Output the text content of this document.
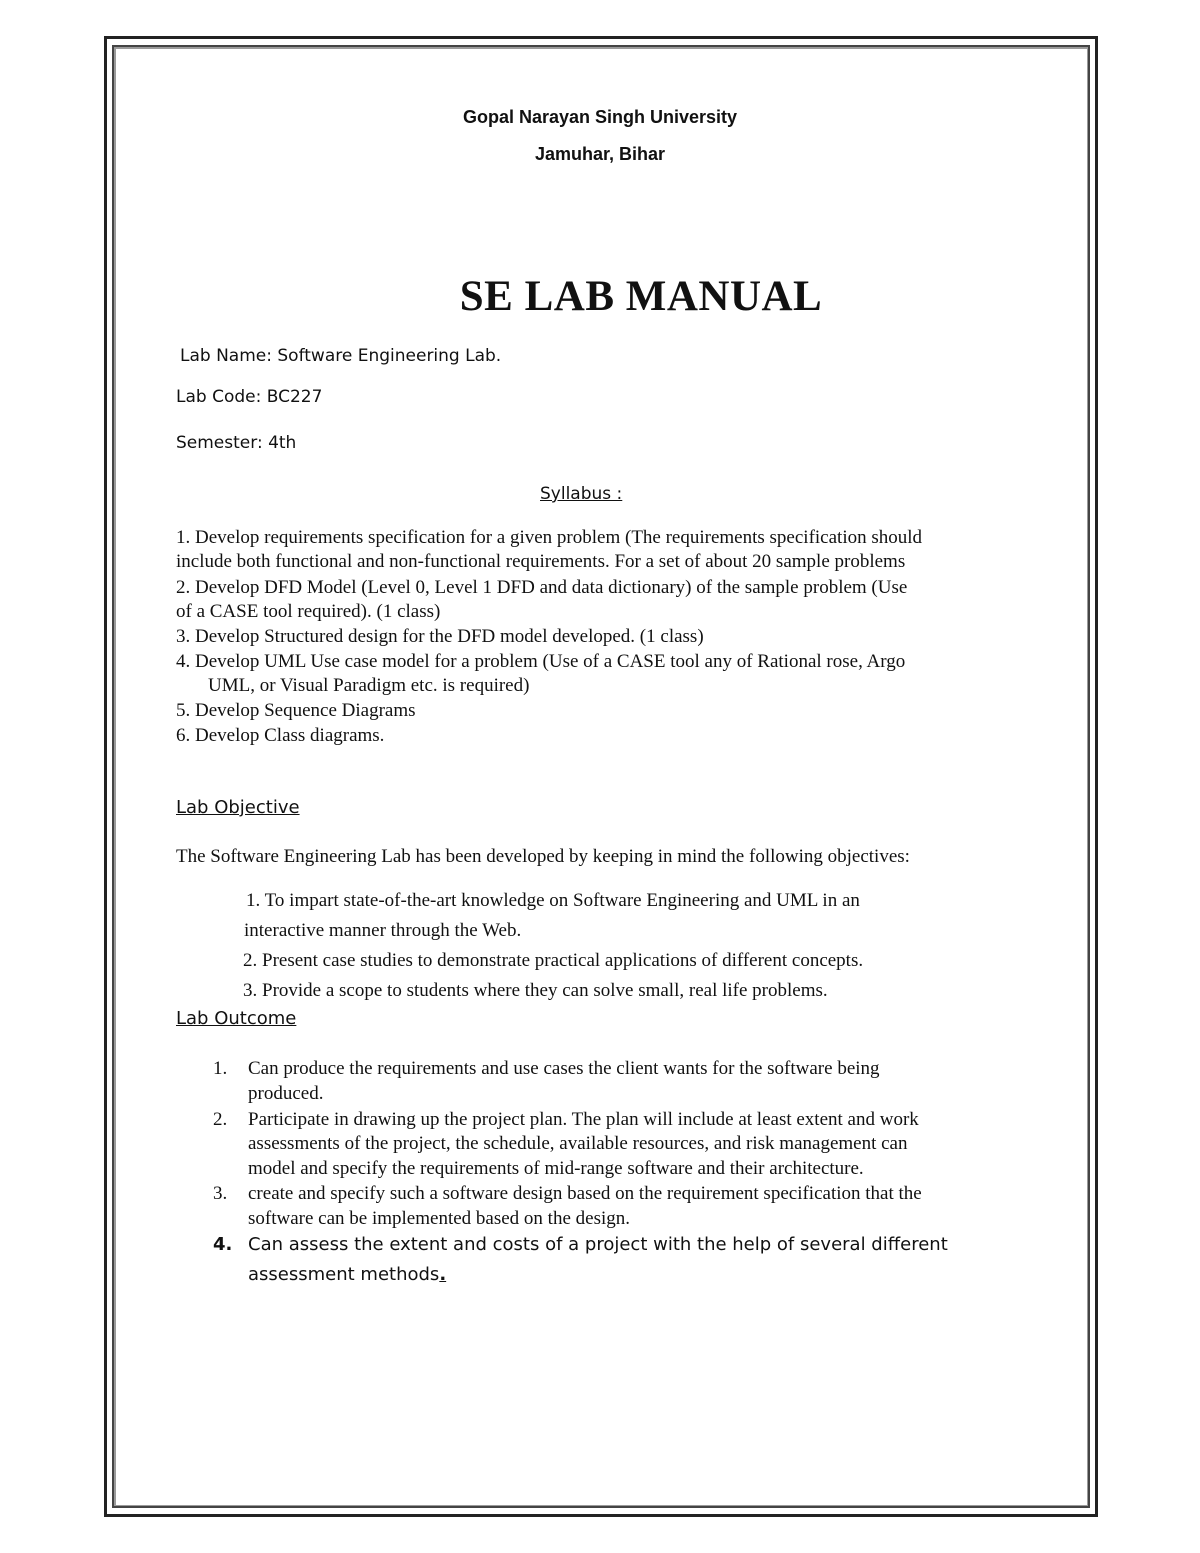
Gopal Narayan Singh University
Jamuhar, Bihar
SE LAB MANUAL
Lab Name: Software Engineering Lab.
Lab Code: BC227
Semester: 4th
Syllabus :
1. Develop requirements specification for a given problem (The requirements specification should
include both functional and non-functional requirements. For a set of about 20 sample problems
2. Develop DFD Model (Level 0, Level 1 DFD and data dictionary) of the sample problem (Use
of a CASE tool required). (1 class)
3. Develop Structured design for the DFD model developed. (1 class)
4. Develop UML Use case model for a problem (Use of a CASE tool any of Rational rose, Argo
UML, or Visual Paradigm etc. is required)
5. Develop Sequence Diagrams
6. Develop Class diagrams.
Lab Objective
The Software Engineering Lab has been developed by keeping in mind the following objectives:
1. To impart state-of-the-art knowledge on Software Engineering and UML in an
interactive manner through the Web.
2. Present case studies to demonstrate practical applications of different concepts.
3. Provide a scope to students where they can solve small, real life problems.
Lab Outcome
1. Can produce the requirements and use cases the client wants for the software being
produced.
2. Participate in drawing up the project plan. The plan will include at least extent and work
assessments of the project, the schedule, available resources, and risk management can
model and specify the requirements of mid-range software and their architecture.
3. create and specify such a software design based on the requirement specification that the
software can be implemented based on the design.
4. Can assess the extent and costs of a project with the help of several different
assessment methods.
